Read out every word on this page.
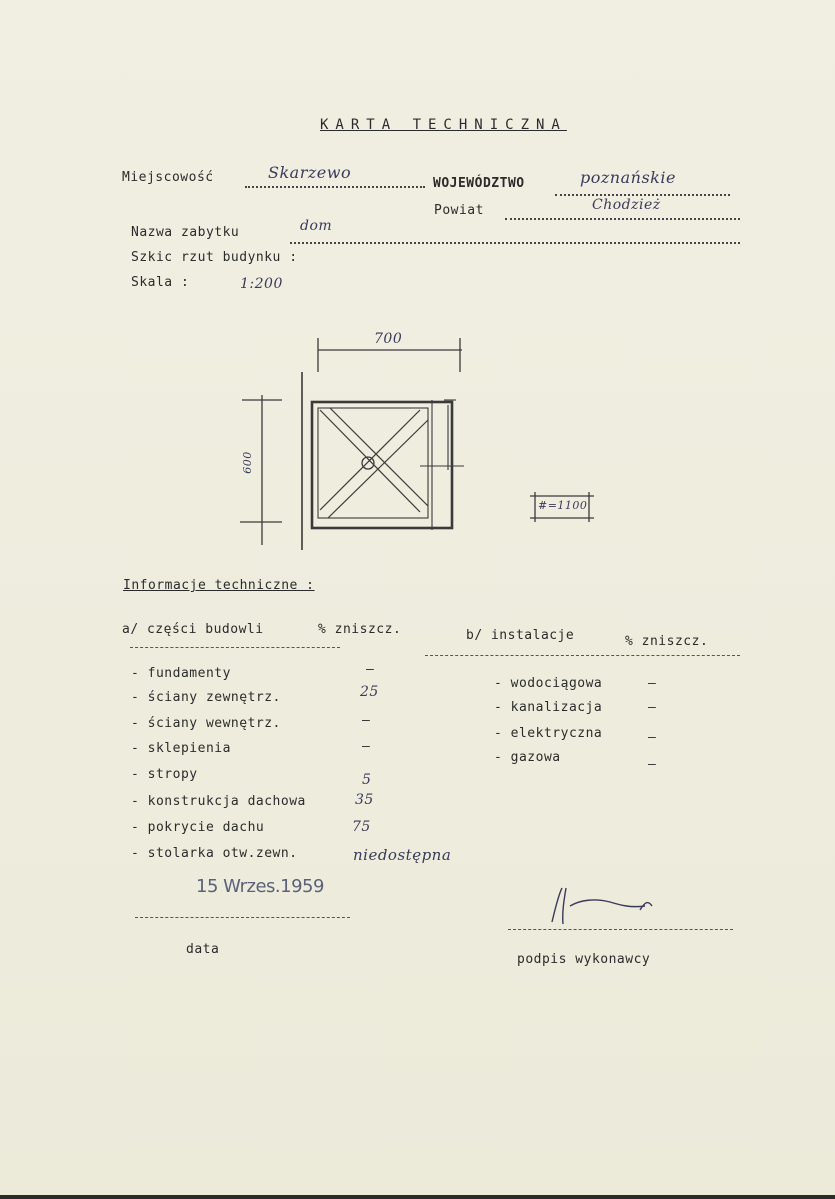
KARTA TECHNICZNA
Miejscowość	Skarzewo
WOJEWÓDZTWO	poznańskie
Powiat	Chodzież
Nazwa zabytku	dom
Szkic rzut budynku :
Skala :	1:200
700
600
#=1100
Informacje techniczne :
a/ części budowli	% zniszcz.	b/ instalacje	% zniszcz.
- fundamenty	—
- ściany zewnętrz.	25
- ściany wewnętrz.	—
- sklepienia	—
- stropy	5
- konstrukcja dachowa	35
- pokrycie dachu	75
- stolarka otw.zewn.	niedostępna
- wodociągowa	—
- kanalizacja	—
- elektryczna	—
- gazowa	—
15 Wrzes.1959
data
podpis wykonawcy
